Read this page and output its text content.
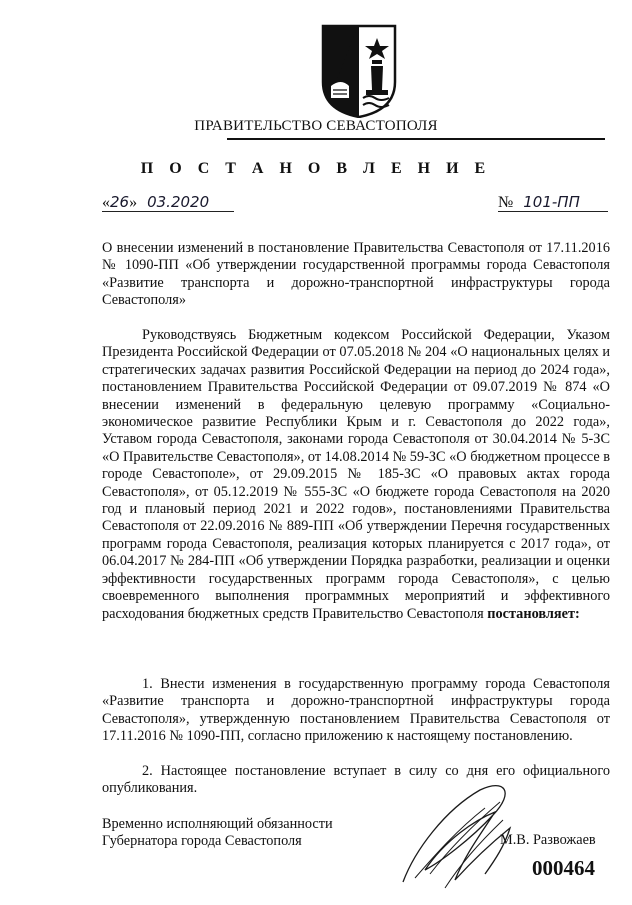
ПРАВИТЕЛЬСТВО СЕВАСТОПОЛЯ
П О С Т А Н О В Л Е Н И Е
«26» 03.2020	№ 101-ПП
О внесении изменений в постановление Правительства Севастополя от 17.11.2016 № 1090-ПП «Об утверждении государственной программы города Севастополя «Развитие транспорта и дорожно-транспортной инфраструктуры города Севастополя»
Руководствуясь Бюджетным кодексом Российской Федерации, Указом Президента Российской Федерации от 07.05.2018 № 204 «О национальных целях и стратегических задачах развития Российской Федерации на период до 2024 года», постановлением Правительства Российской Федерации от 09.07.2019 № 874 «О внесении изменений в федеральную целевую программу «Социально-экономическое развитие Республики Крым и г. Севастополя до 2022 года», Уставом города Севастополя, законами города Севастополя от 30.04.2014 № 5-ЗС «О Правительстве Севастополя», от 14.08.2014 № 59-ЗС «О бюджетном процессе в городе Севастополе», от 29.09.2015 № 185-ЗС «О правовых актах города Севастополя», от 05.12.2019 № 555-ЗС «О бюджете города Севастополя на 2020 год и плановый период 2021 и 2022 годов», постановлениями Правительства Севастополя от 22.09.2016 № 889-ПП «Об утверждении Перечня государственных программ города Севастополя, реализация которых планируется с 2017 года», от 06.04.2017 № 284-ПП «Об утверждении Порядка разработки, реализации и оценки эффективности государственных программ города Севастополя», с целью своевременного выполнения программных мероприятий и эффективного расходования бюджетных средств Правительство Севастополя постановляет:
1. Внести изменения в государственную программу города Севастополя «Развитие транспорта и дорожно-транспортной инфраструктуры города Севастополя», утвержденную постановлением Правительства Севастополя от 17.11.2016 № 1090-ПП, согласно приложению к настоящему постановлению.
2. Настоящее постановление вступает в силу со дня его официального опубликования.
Временно исполняющий обязанности
Губернатора города Севастополя	М.В. Развожаев
000464
